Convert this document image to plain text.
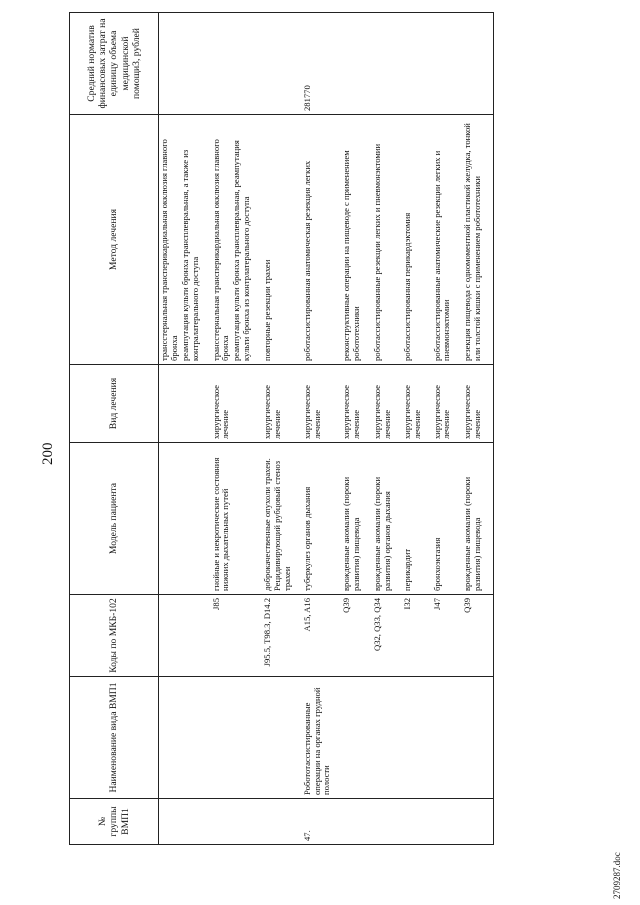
200
№ группы ВМП1	Наименование вида ВМП1	Коды по МКБ-102	Модель пациента	Вид лечения	Метод лечения	Средний норматив финансовых затрат на единицу объема медицинской помощи3, рублей

					трансстернальная трансперикардиальная окклюзия главного бронха реампутация культи бронха трансплевральная, а также из контралатерального доступа	

		J85	гнойные и некротические состояния нижних дыхательных путей	хирургическое лечение	трансстернальная трансперикардиальная окклюзия главного бронха реампутация культи бронха трансплевральная, реампутация культи бронха из контрлатерального доступа	

		J95.5, T98.3, D14.2	доброкачественные опухоли трахеи. Рецидивирующий рубцовый стеноз трахеи	хирургическое лечение	повторные резекции трахеи	

47.	Робототассистированные операции на органах грудной полости	A15, A16	туберкулез органов дыхания	хирургическое лечение	роботассистированная анатомическая резекция легких	281770

		Q39	врожденные аномалии (пороки развития) пищевода	хирургическое лечение	реконструктивные операции на пищеводе с применением робототехники	

		Q32, Q33, Q34	врожденные аномалии (пороки развития) органов дыхания	хирургическое лечение	роботассистированные резекции легких и пневмонэктомии	

		I32	перикардит	хирургическое лечение	роботассистированная перикардэктомия	

		J47	бронхоэктазия	хирургическое лечение	роботассистированные анатомические резекции легких и пневмонэктомии	

		Q39	врожденные аномалии (пороки развития) пищевода	хирургическое лечение	резекция пищевода с одномоментной пластикой желудка, тонкой или толстой кишки с применением робототехники	

2709287.doc
